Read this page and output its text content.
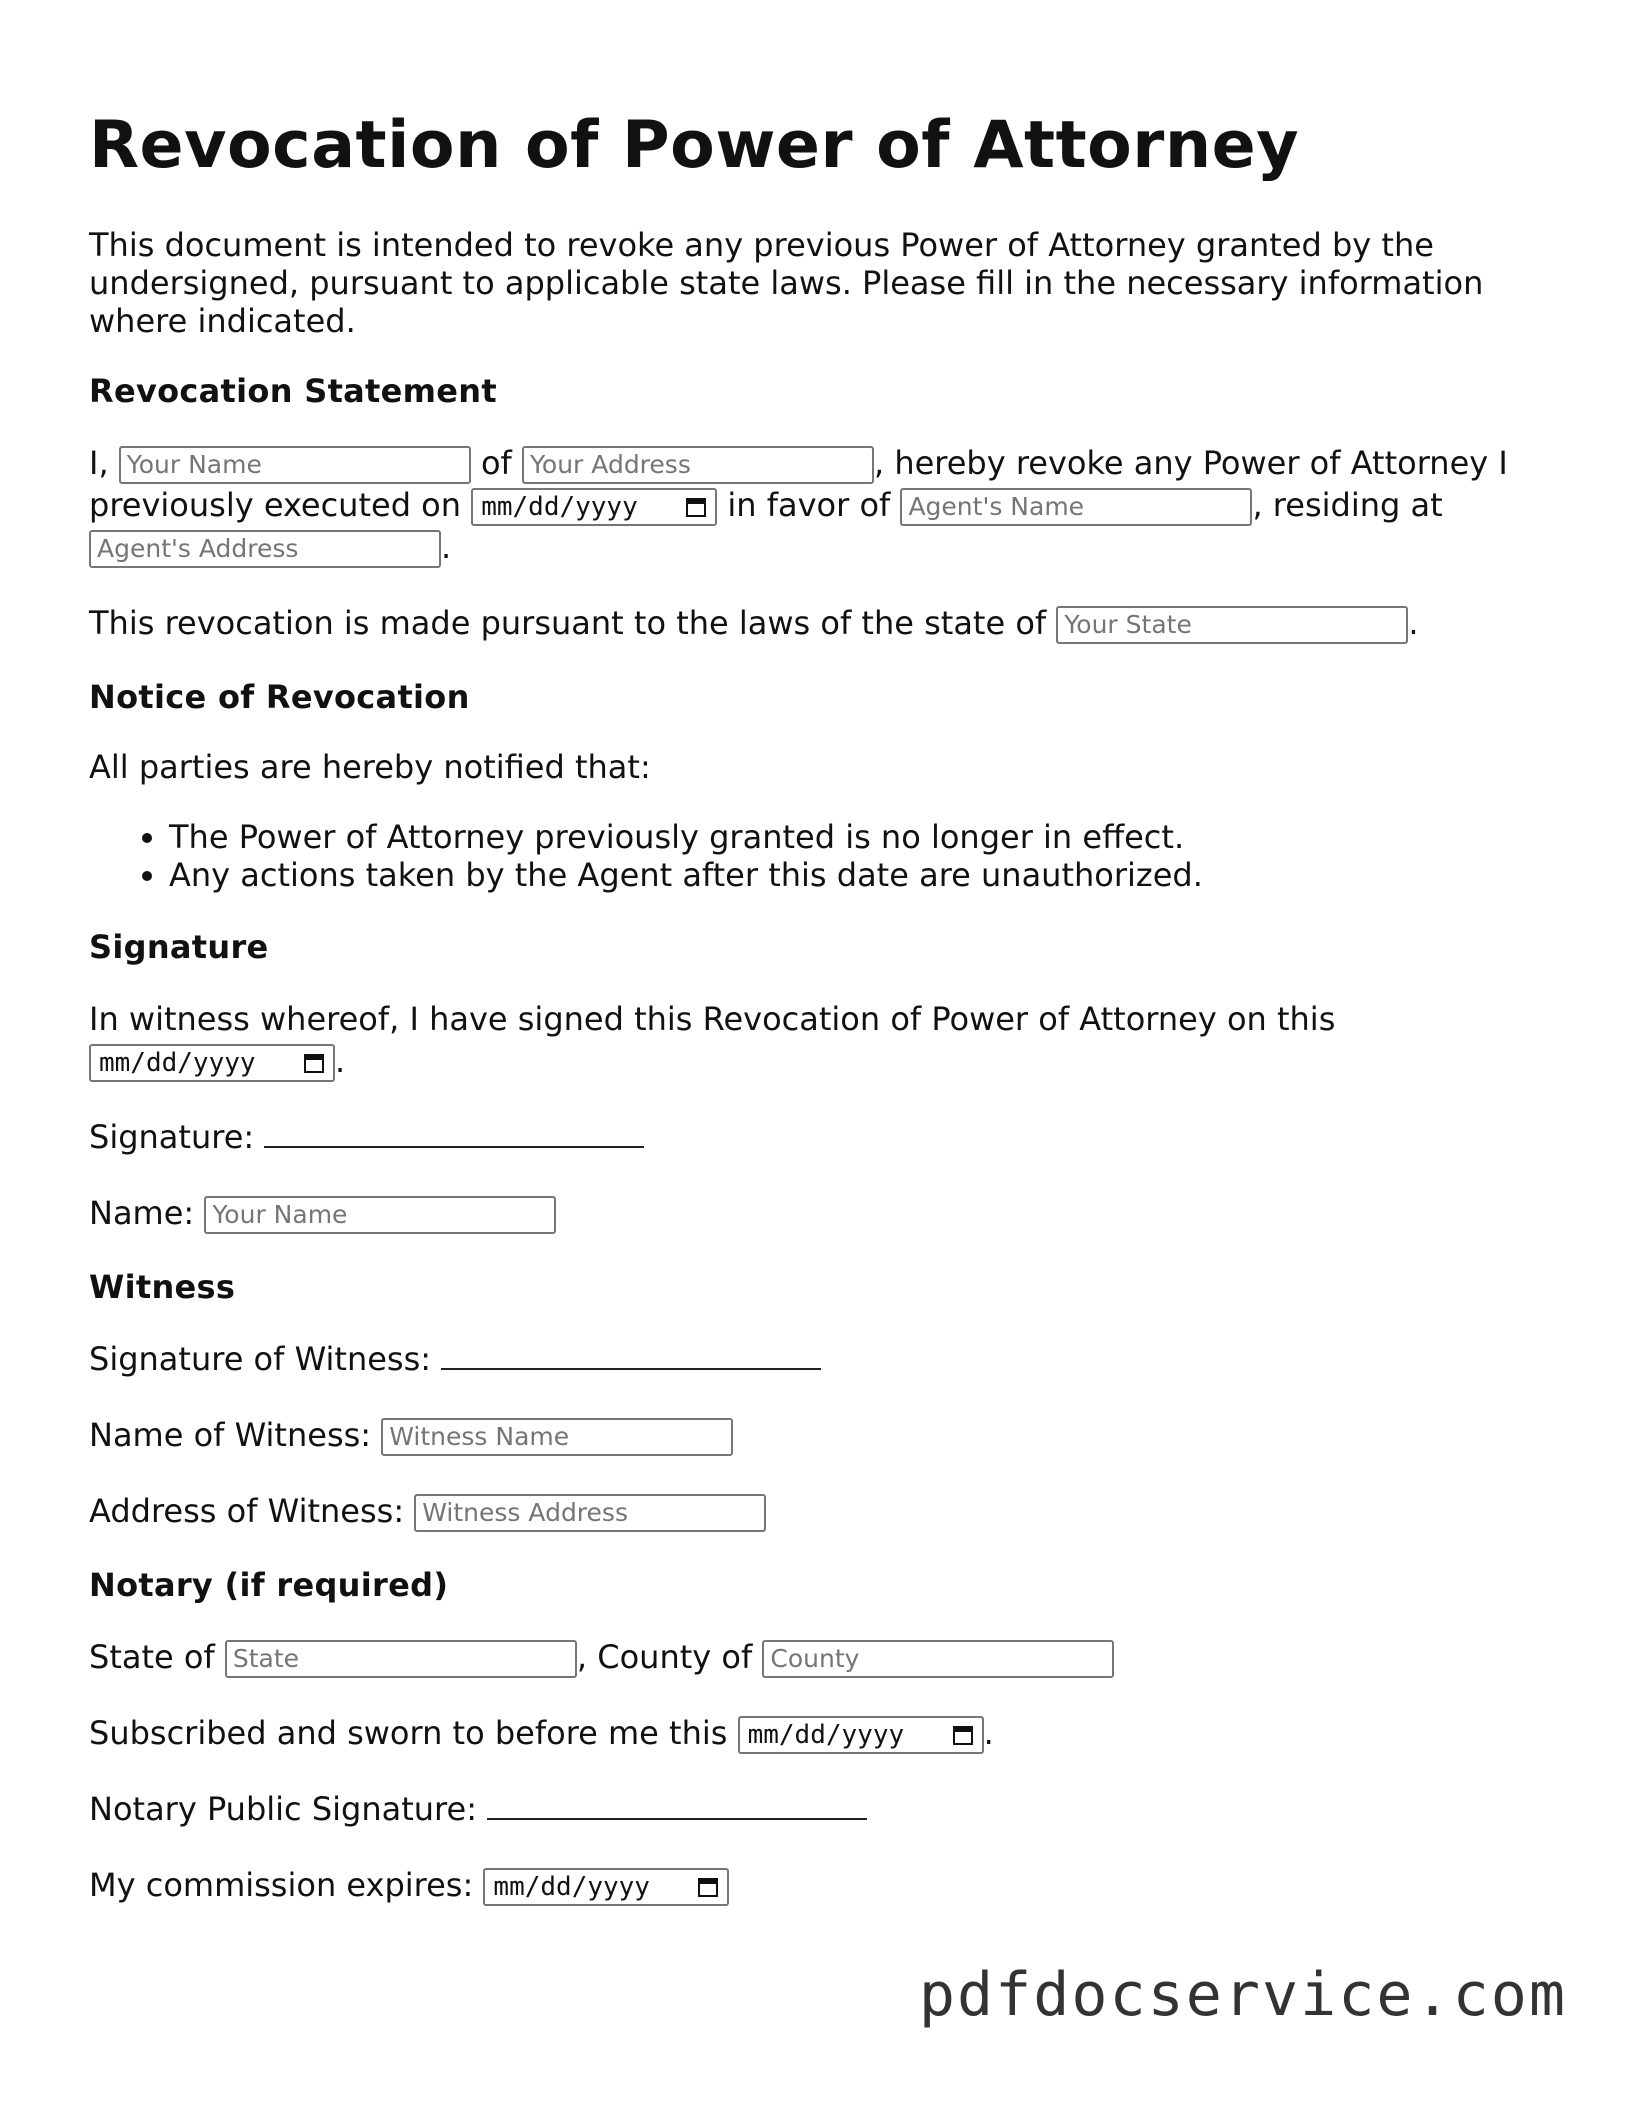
Revocation of Power of Attorney

This document is intended to revoke any previous Power of Attorney granted by the undersigned, pursuant to applicable state laws. Please fill in the necessary information where indicated.

Revocation Statement

I, Your Name	of Your Address	, hereby revoke any Power of Attorney I previously executed on mm/dd/yyyy in favor of Agent's Name	, residing at Agent's Address.

This revocation is made pursuant to the laws of the state of Your State	.

Notice of Revocation

All parties are hereby notified that:

• The Power of Attorney previously granted is no longer in effect.
• Any actions taken by the Agent after this date are unauthorized.
Signature

In witness whereof, I have signed this Revocation of Power of Attorney on this
mm/dd/yyyy .

Signature:

Name: Your Name

Witness

Signature of Witness:

Name of Witness: Witness Name

Address of Witness: Witness Address

Notary (if required)

State of State	, County of County

Subscribed and sworn to before me this mm/dd/yyyy .

Notary Public Signature:

My commission expires: mm/dd/yyyy

pdfdocservice.com
